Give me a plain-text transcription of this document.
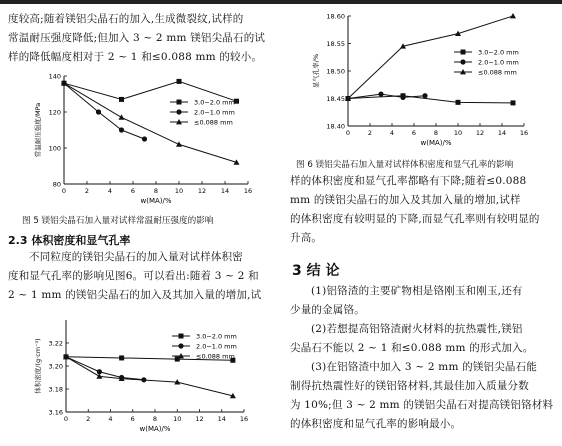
度较高;随着镁铝尖晶石的加入,生成微裂纹,试样的
常温耐压强度降低;但加入 3 ~ 2 mm 镁铝尖晶石的试
样的降低幅度相对于 2 ~ 1 和≤0.088 mm 的较小。
0	2	4	6	8	10 12 14 16
80
100
120
140
w(MA)/%
常温耐压强度/MPa
3.0~2.0 mm
2.0~1.0 mm
≤0.088 mm
图 5 镁铝尖晶石加入量对试样常温耐压强度的影响
2.3 体积密度和显气孔率
不同粒度的镁铝尖晶石的加入量对试样体积密
度和显气孔率的影响见图6。可以看出:随着 3 ~ 2 和
2 ~ 1 mm 的镁铝尖晶石的加入及其加入量的增加,试
0	2	4	6	8 10 12 14 16
3.16
3.18
3.20
3.22
w(MA)/%
体积密度/(g·cm⁻³)
3.0~2.0 mm
2.0~1.0 mm
≤0.088 mm
0	2	4	6	8 10 12 14 16
18.40
18.45
18.50
18.55
18.60
w(MA)/%
显气孔率/%
3.0~2.0 mm
2.0~1.0 mm
≤0.088 mm
图 6 镁铝尖晶石加入量对试样体积密度和显气孔率的影响
样的体积密度和显气孔率都略有下降;随着≤0.088
mm 的镁铝尖晶石的加入及其加入量的增加,试样
的体积密度有较明显的下降,而显气孔率则有较明显的
升高。
3 结 论
(1)铝铬渣的主要矿物相是铬刚玉和刚玉,还有
少量的金属铬。
(2)若想提高铝铬渣耐火材料的抗热震性,镁铝
尖晶石不能以 2 ~ 1 和≤0.088 mm 的形式加入。
(3)在铝铬渣中加入 3 ~ 2 mm 的镁铝尖晶石能
制得抗热震性好的镁铝铬材料,其最佳加入质量分数
为 10%;但 3 ~ 2 mm 的镁铝尖晶石对提高镁铝铬材料
的体积密度和显气孔率的影响最小。
